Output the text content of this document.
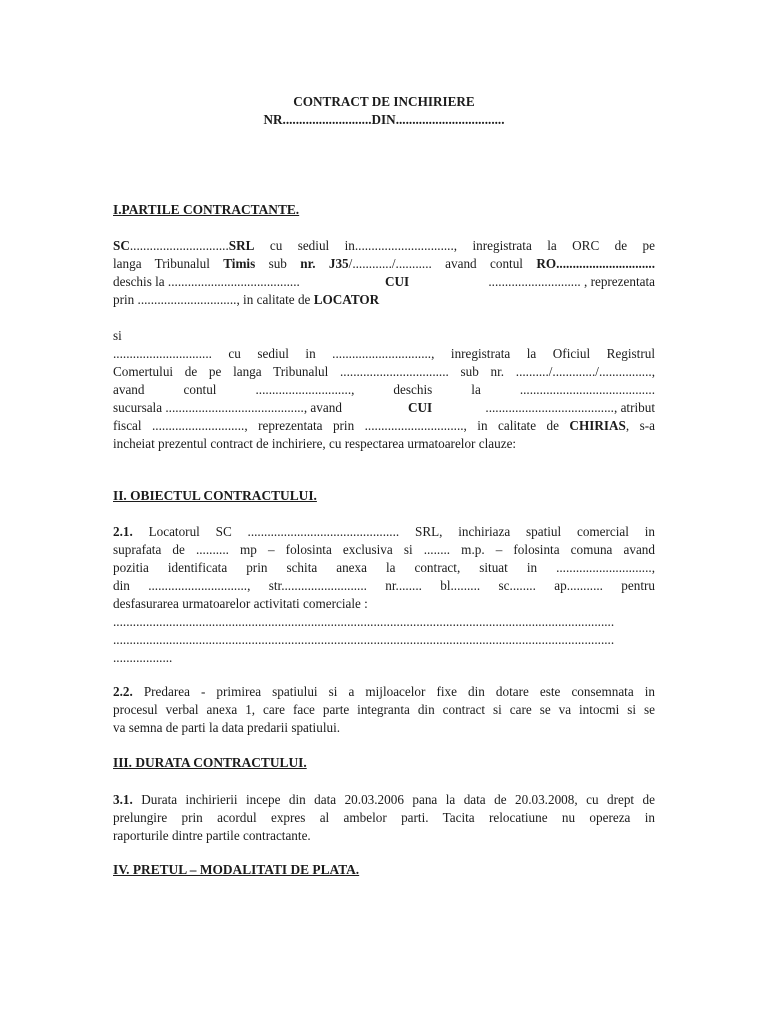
CONTRACT DE INCHIRIERE
NR...........................DIN.................................
I.PARTILE CONTRACTANTE.
SC..............................SRL cu sediul in.............................., inregistrata la ORC de pe
langa Tribunalul Timis sub nr. J35/............/........... avand contul RO..............................
deschis la ........................................	CUI	............................ , reprezentata
prin .............................., in calitate de LOCATOR
si
.............................. cu sediul in .............................., inregistrata la Oficiul Registrul
Comertului de pe langa Tribunalul ................................. sub nr. ........../............./................,
avand contul ............................., deschis la .........................................
sucursala .........................................., avand	CUI	......................................., atribut
fiscal ............................, reprezentata prin .............................., in calitate de CHIRIAS, s-a
incheiat prezentul contract de inchiriere, cu respectarea urmatoarelor clauze:
II. OBIECTUL CONTRACTULUI.
2.1. Locatorul SC .............................................. SRL, inchiriaza spatiul comercial in
suprafata de .......... mp – folosinta exclusiva si ........ m.p. – folosinta comuna avand
pozitia identificata prin schita anexa la contract, situat in .............................,
din .............................., str.......................... nr........ bl......... sc........ ap........... pentru
desfasurarea urmatoarelor activitati comerciale :
........................................................................................................................................................
........................................................................................................................................................
..................
2.2. Predarea - primirea spatiului si a mijloacelor fixe din dotare este consemnata in
procesul verbal anexa 1, care face parte integranta din contract si care se va intocmi si se
va semna de parti la data predarii spatiului.
III. DURATA CONTRACTULUI.
3.1. Durata inchirierii incepe din data 20.03.2006 pana la data de 20.03.2008, cu drept de
prelungire prin acordul expres al ambelor parti. Tacita relocatiune nu opereza in
raporturile dintre partile contractante.
IV. PRETUL – MODALITATI DE PLATA.
